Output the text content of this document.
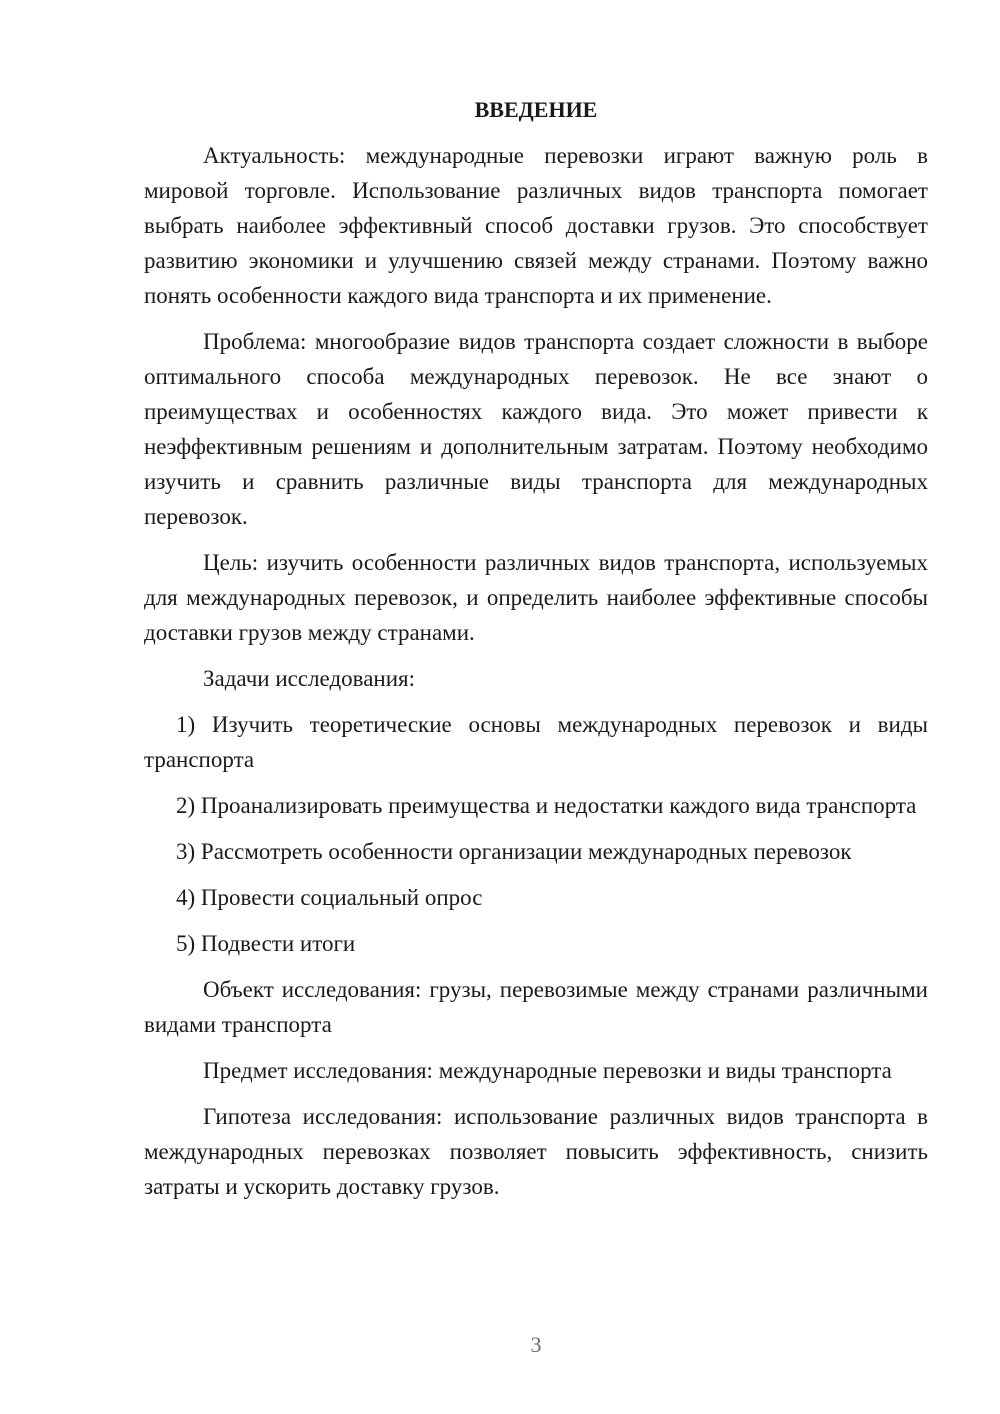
ВВЕДЕНИЕ

Актуальность: международные перевозки играют важную роль в мировой торговле. Использование различных видов транспорта помогает выбрать наиболее эффективный способ доставки грузов. Это способствует развитию экономики и улучшению связей между странами. Поэтому важно понять особенности каждого вида транспорта и их применение.

Проблема: многообразие видов транспорта создает сложности в выборе оптимального способа международных перевозок. Не все знают о преимуществах и особенностях каждого вида. Это может привести к неэффективным решениям и дополнительным затратам. Поэтому необходимо изучить и сравнить различные виды транспорта для международных перевозок.

Цель: изучить особенности различных видов транспорта, используемых для международных перевозок, и определить наиболее эффективные способы доставки грузов между странами.

Задачи исследования:

1) Изучить теоретические основы международных перевозок и виды транспорта

2) Проанализировать преимущества и недостатки каждого вида транспорта

3) Рассмотреть особенности организации международных перевозок

4) Провести социальный опрос

5) Подвести итоги

Объект исследования: грузы, перевозимые между странами различными видами транспорта

Предмет исследования: международные перевозки и виды транспорта

Гипотеза исследования: использование различных видов транспорта в международных перевозках позволяет повысить эффективность, снизить затраты и ускорить доставку грузов.

3
